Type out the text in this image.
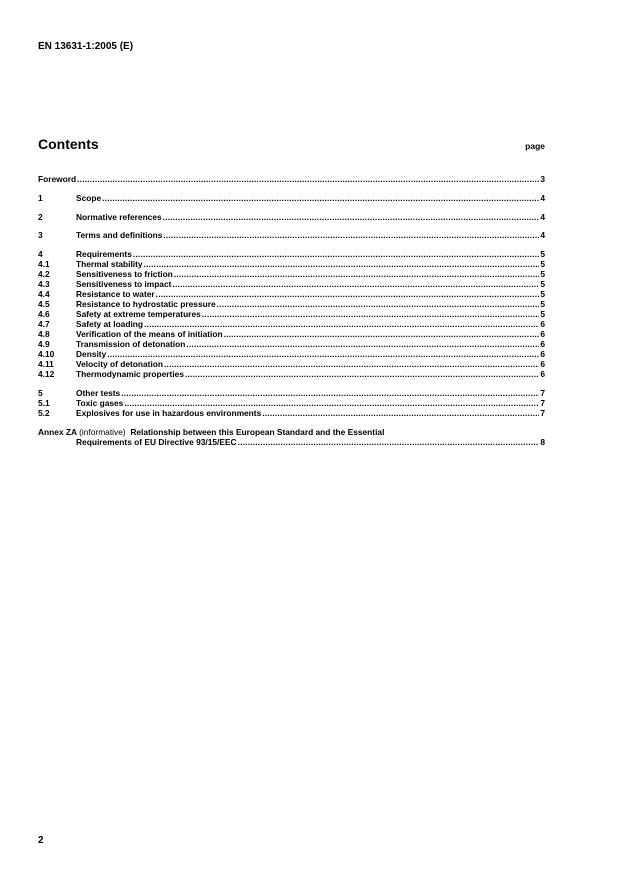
EN 13631-1:2005 (E)
Contents	page
Foreword .....	3
1	Scope .....	4
2	Normative references .....	4
3	Terms and definitions .....	4
4	Requirements .....	5
4.1	Thermal stability .....	5
4.2	Sensitiveness to friction .....	5
4.3	Sensitiveness to impact .....	5
4.4	Resistance to water .....	5
4.5	Resistance to hydrostatic pressure .....	5
4.6	Safety at extreme temperatures .....	5
4.7	Safety at loading .....	6
4.8	Verification of the means of initiation .....	6
4.9	Transmission of detonation .....	6
4.10	Density .....	6
4.11	Velocity of detonation .....	6
4.12	Thermodynamic properties .....	6
5	Other tests .....	7
5.1	Toxic gases .....	7
5.2	Explosives for use in hazardous environments .....	7
Annex ZA (informative) Relationship between this European Standard and the Essential
Requirements of EU Directive 93/15/EEC .....	8
2
